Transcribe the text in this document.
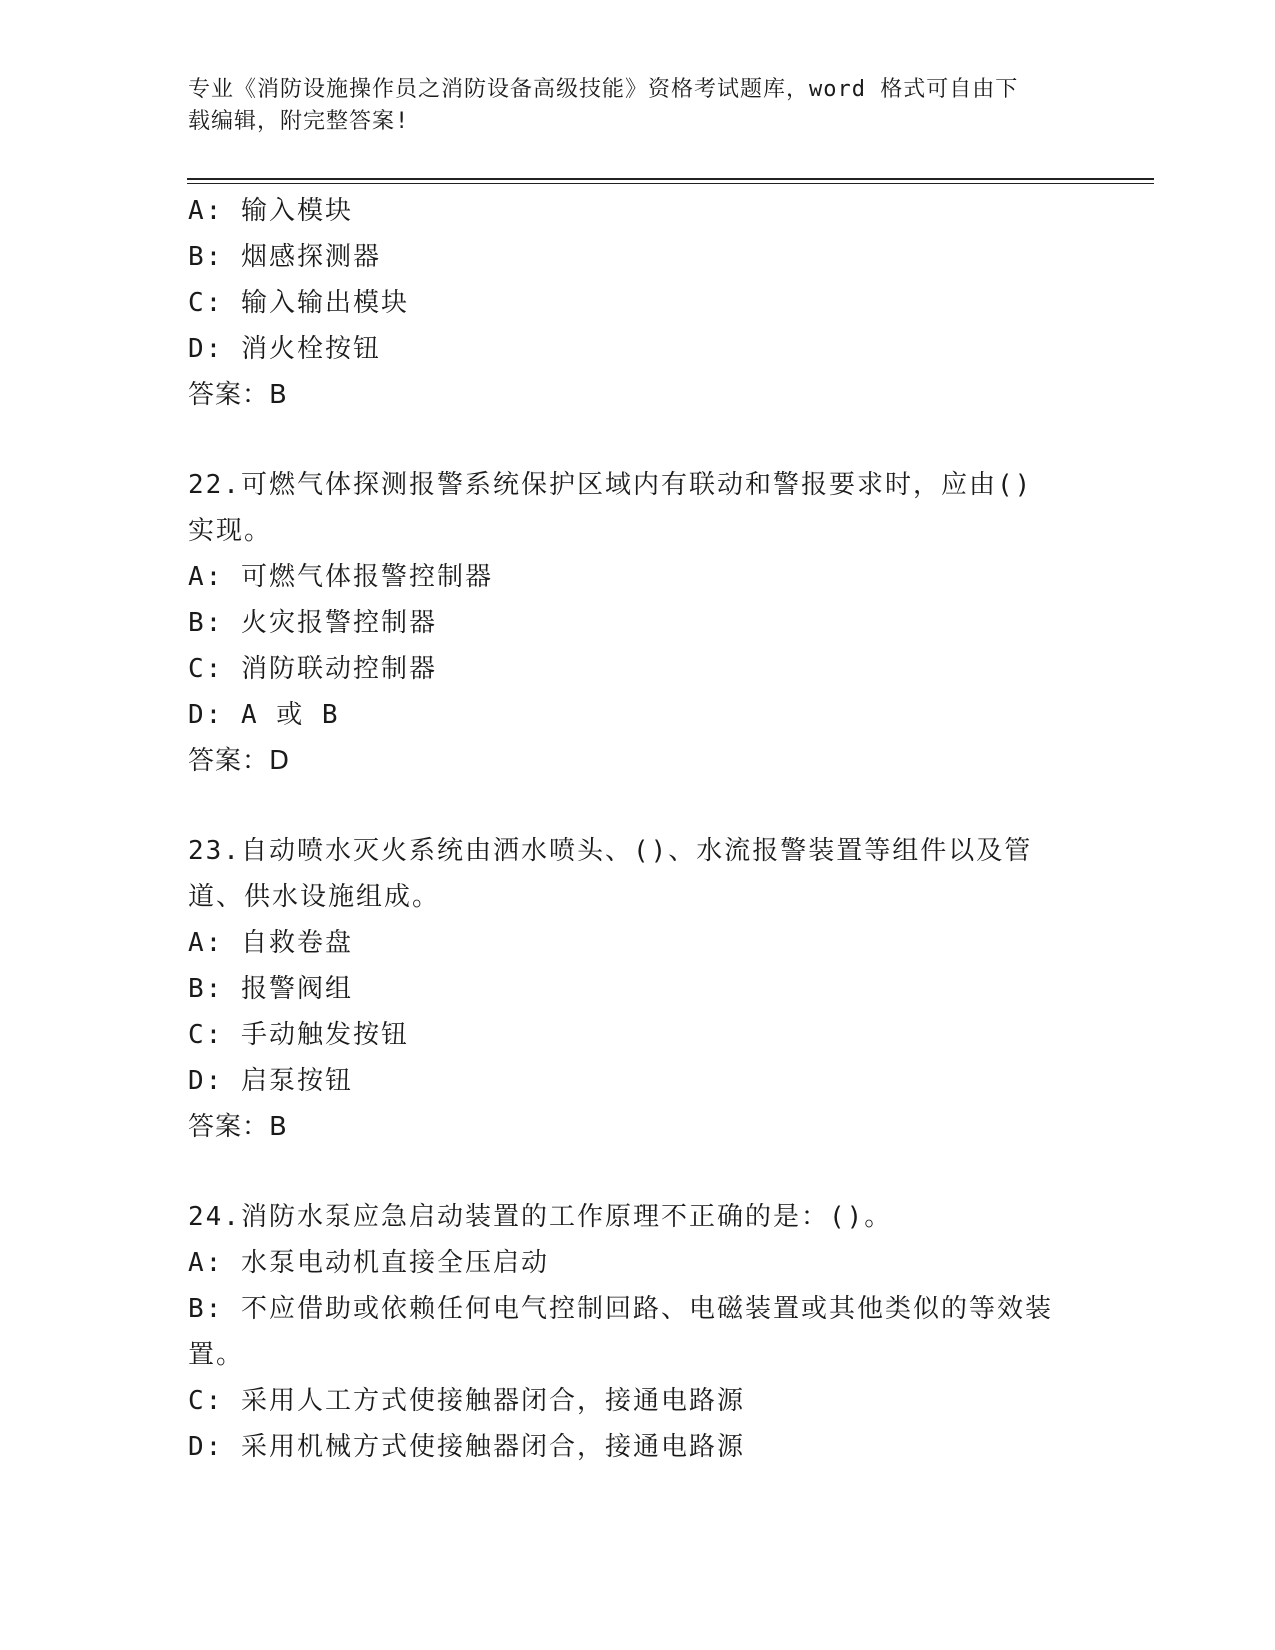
专业《消防设施操作员之消防设备高级技能》资格考试题库，word 格式可自由下
载编辑，附完整答案!
A: 输入模块
B: 烟感探测器
C: 输入输出模块
D: 消火栓按钮
答案：B
22.可燃气体探测报警系统保护区域内有联动和警报要求时，应由()
实现。
A: 可燃气体报警控制器
B: 火灾报警控制器
C: 消防联动控制器
D: A 或 B
答案：D
23.自动喷水灭火系统由洒水喷头、()、水流报警装置等组件以及管
道、供水设施组成。
A: 自救卷盘
B: 报警阀组
C: 手动触发按钮
D: 启泵按钮
答案：B
24.消防水泵应急启动装置的工作原理不正确的是：()。
A: 水泵电动机直接全压启动
B: 不应借助或依赖任何电气控制回路、电磁装置或其他类似的等效装
置。
C: 采用人工方式使接触器闭合，接通电路源
D: 采用机械方式使接触器闭合，接通电路源
